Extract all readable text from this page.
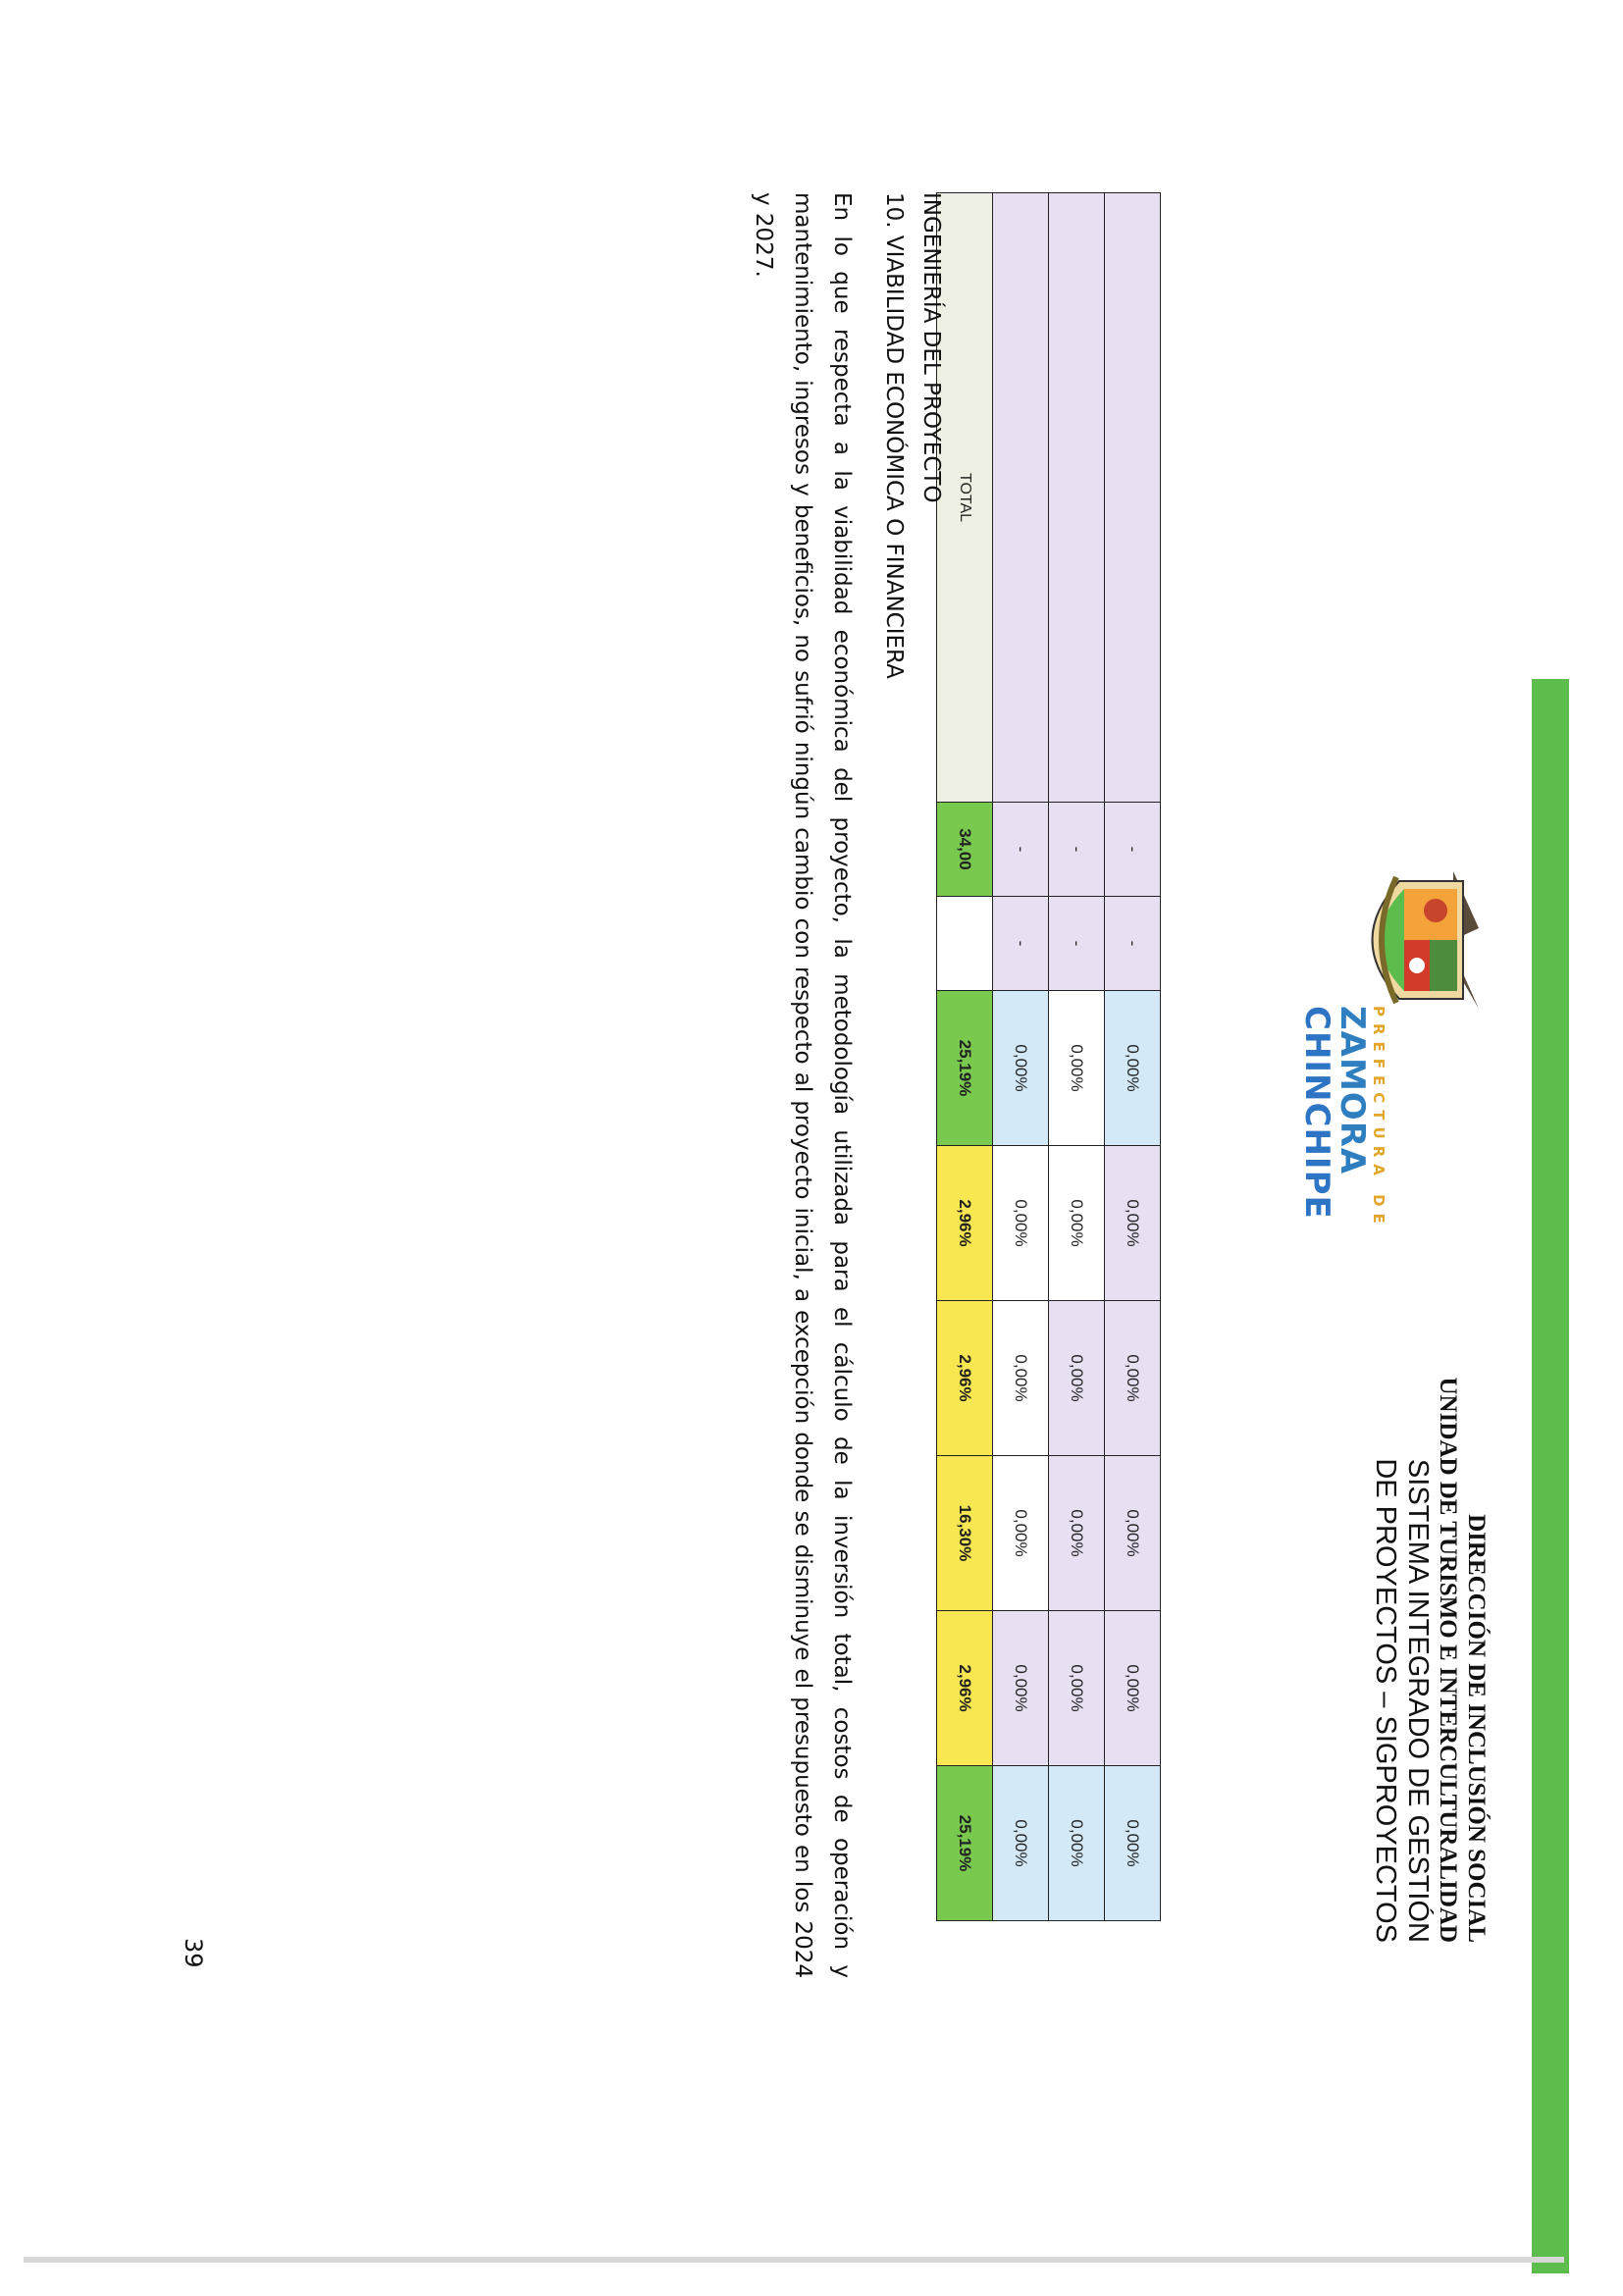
PREFECTURA DE
ZAMORA
CHINCHIPE
DIRECCIÓN DE INCLUSIÓN SOCIAL
UNIDAD DE TURISMO E INTERCULTURALIDAD
SISTEMA INTEGRADO DE GESTIÓN
DE PROYECTOS – SIGPROYECTOS
	-	-	0,00%	0,00%	0,00%	0,00%	0,00%	0,00%
	-	-	0,00%	0,00%	0,00%	0,00%	0,00%	0,00%
	-	-	0,00%	0,00%	0,00%	0,00%	0,00%	0,00%
TOTAL	34,00		25,19%	2,96%	2,96%	16,30%	2,96%	25,19%
INGENIERÍA DEL PROYECTO
10. VIABILIDAD ECONÓMICA O FINANCIERA
En lo que respecta a la viabilidad económica del proyecto, la metodología utilizada para el cálculo de la inversión total, costos de operación y mantenimiento, ingresos y beneficios, no sufrió ningún cambio con respecto al proyecto inicial, a excepción donde se disminuye el presupuesto en los 2024 y 2027.
39
